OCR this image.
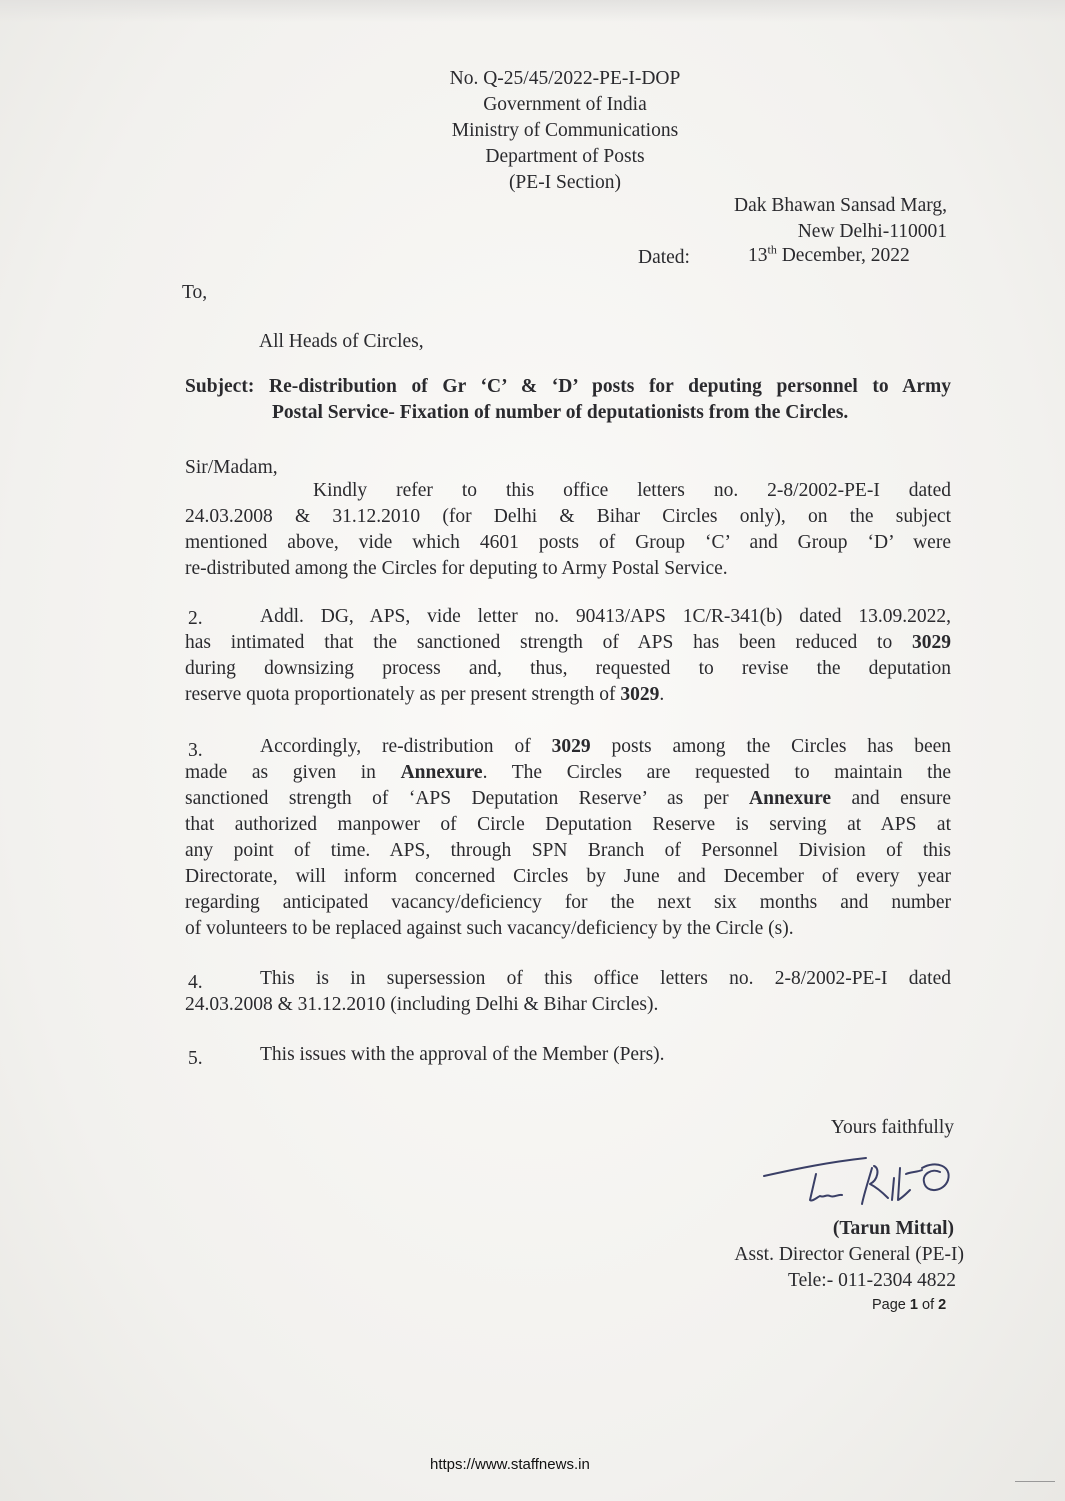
No. Q-25/45/2022-PE-I-DOP
Government of India
Ministry of Communications
Department of Posts
(PE-I Section)
Dak Bhawan Sansad Marg,
New Delhi-110001
Dated:	13th December, 2022
To,
All Heads of Circles,
Subject: Re-distribution of Gr ‘C’ & ‘D’ posts for deputing personnel to Army
Postal Service- Fixation of number of deputationists from the Circles.
Sir/Madam,
Kindly refer to this office letters no. 2-8/2002-PE-I dated
24.03.2008 & 31.12.2010 (for Delhi & Bihar Circles only), on the subject
mentioned above, vide which 4601 posts of Group ‘C’ and Group ‘D’ were
re-distributed among the Circles for deputing to Army Postal Service.
2.	Addl. DG, APS, vide letter no. 90413/APS 1C/R-341(b) dated 13.09.2022,
has intimated that the sanctioned strength of APS has been reduced to 3029
during downsizing process and, thus, requested to revise the deputation
reserve quota proportionately as per present strength of 3029.
3.	Accordingly, re-distribution of 3029 posts among the Circles has been
made as given in Annexure. The Circles are requested to maintain the
sanctioned strength of ‘APS Deputation Reserve’ as per Annexure and ensure
that authorized manpower of Circle Deputation Reserve is serving at APS at
any point of time. APS, through SPN Branch of Personnel Division of this
Directorate, will inform concerned Circles by June and December of every year
regarding anticipated vacancy/deficiency for the next six months and number
of volunteers to be replaced against such vacancy/deficiency by the Circle (s).
4.	This is in supersession of this office letters no. 2-8/2002-PE-I dated
24.03.2008 & 31.12.2010 (including Delhi & Bihar Circles).
5.	This issues with the approval of the Member (Pers).
Yours faithfully
(Tarun Mittal)
Asst. Director General (PE-I)
Tele:- 011-2304 4822
Page 1 of 2
https://www.staffnews.in
